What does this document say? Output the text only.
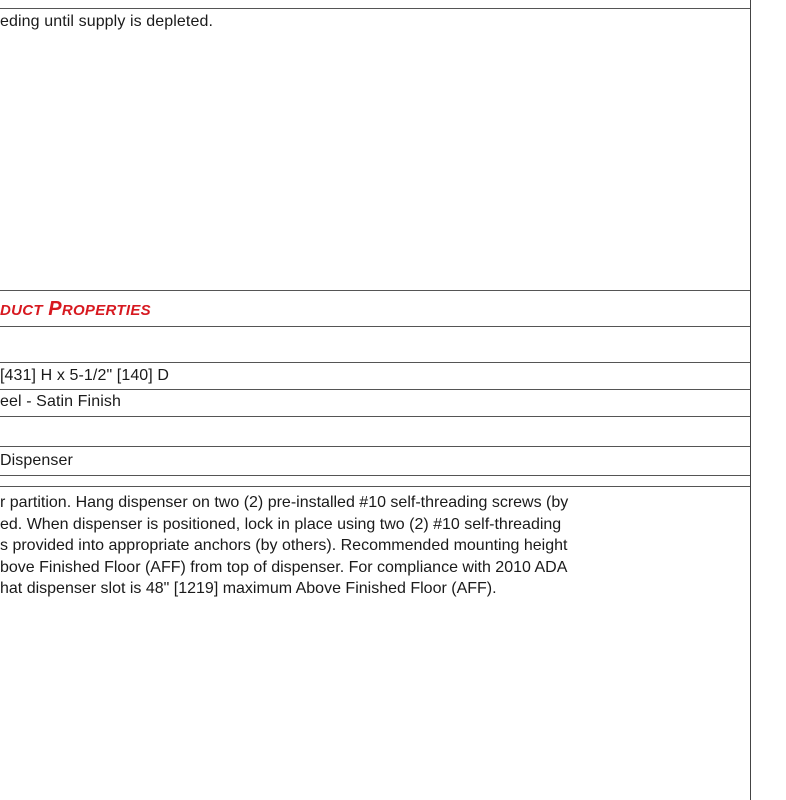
eding until supply is depleted.
DUCT PROPERTIES
[431] H x 5-1/2" [140] D
eel - Satin Finish
Dispenser
r partition. Hang dispenser on two (2) pre-installed #10 self-threading screws (by
ed. When dispenser is positioned, lock in place using two (2) #10 self-threading
s provided into appropriate anchors (by others). Recommended mounting height
bove Finished Floor (AFF) from top of dispenser. For compliance with 2010 ADA
hat dispenser slot is 48" [1219] maximum Above Finished Floor (AFF).
